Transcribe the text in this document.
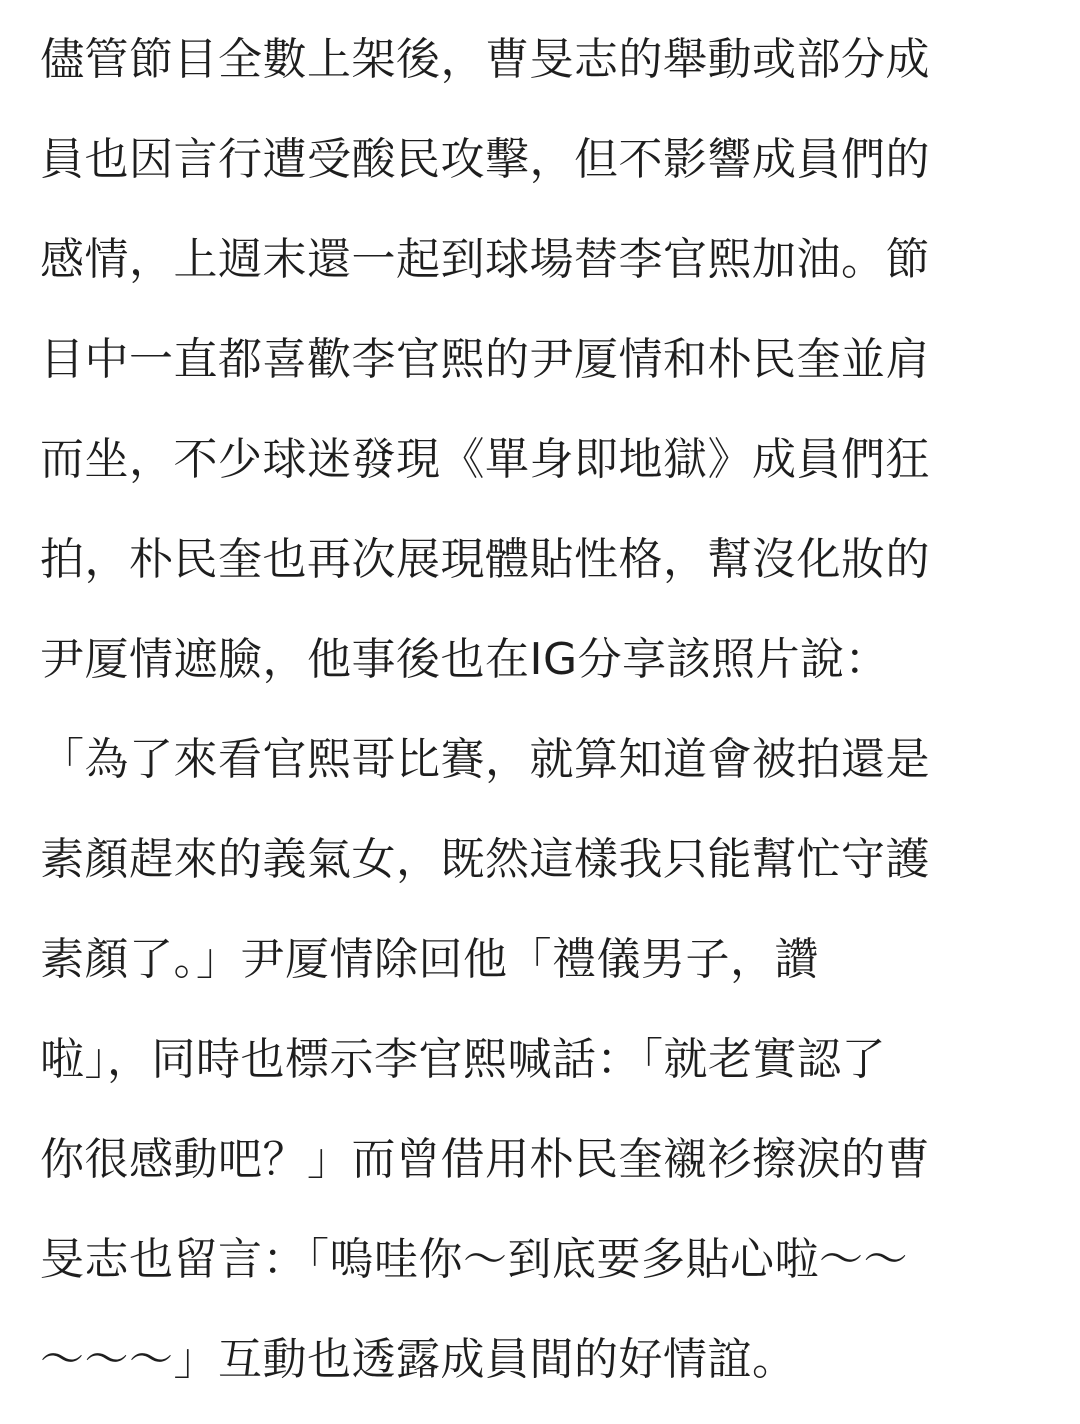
儘管節目全數上架後，曹旻志的舉動或部分成
員也因言行遭受酸民攻擊，但不影響成員們的
感情，上週末還一起到球場替李官熙加油。節
目中一直都喜歡李官熙的尹厦情和朴民奎並肩
而坐，不少球迷發現《單身即地獄》成員們狂
拍，朴民奎也再次展現體貼性格，幫沒化妝的
尹厦情遮臉，他事後也在IG分享該照片說：
「為了來看官熙哥比賽，就算知道會被拍還是
素顏趕來的義氣女，既然這樣我只能幫忙守護
素顏了。」尹厦情除回他「禮儀男子，讚
啦」，同時也標示李官熙喊話：「就老實認了
你很感動吧？」而曾借用朴民奎襯衫擦淚的曹
旻志也留言：「嗚哇你～到底要多貼心啦～～
～～～」互動也透露成員間的好情誼。
